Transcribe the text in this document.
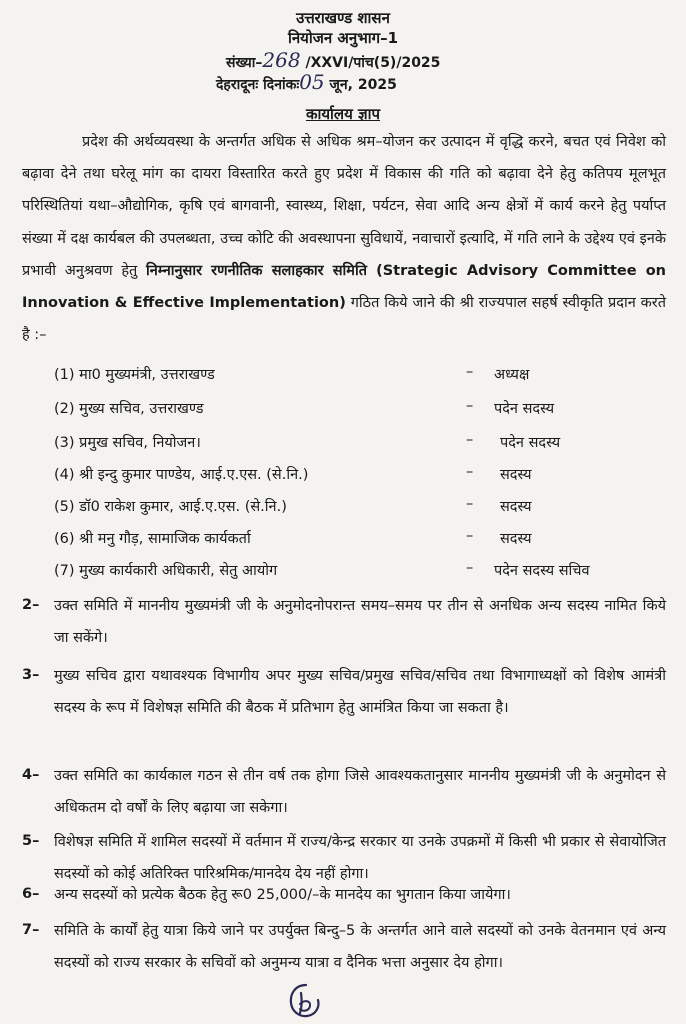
उत्तराखण्ड शासन
नियोजन अनुभाग–1
संख्या–268 /XXVI/पांच(5)/2025
देहरादूनः दिनांकः05 जून, 2025
कार्यालय ज्ञाप

प्रदेश की अर्थव्यवस्था के अन्तर्गत अधिक से अधिक श्रम–योजन कर उत्पादन में वृद्धि करने, बचत एवं निवेश को बढ़ावा देने तथा घरेलू मांग का दायरा विस्तारित करते हुए प्रदेश में विकास की गति को बढ़ावा देने हेतु कतिपय मूलभूत परिस्थितियां यथा–औद्योगिक, कृषि एवं बागवानी, स्वास्थ्य, शिक्षा, पर्यटन, सेवा आदि अन्य क्षेत्रों में कार्य करने हेतु पर्याप्त संख्या में दक्ष कार्यबल की उपलब्धता, उच्च कोटि की अवस्थापना सुविधायें, नवाचारों इत्यादि, में गति लाने के उद्देश्य एवं इनके प्रभावी अनुश्रवण हेतु निम्नानुसार रणनीतिक सलाहकार समिति (Strategic Advisory Committee on Innovation & Effective Implementation) गठित किये जाने की श्री राज्यपाल सहर्ष स्वीकृति प्रदान करते है :–

(1) मा0 मुख्यमंत्री, उत्तराखण्ड	– अध्यक्ष
(2) मुख्य सचिव, उत्तराखण्ड	– पदेन सदस्य
(3) प्रमुख सचिव, नियोजन।	– पदेन सदस्य
(4) श्री इन्दु कुमार पाण्डेय, आई.ए.एस. (से.नि.)	– सदस्य
(5) डॉ0 राकेश कुमार, आई.ए.एस. (से.नि.)	– सदस्य
(6) श्री मनु गौड़, सामाजिक कार्यकर्ता	– सदस्य
(7) मुख्य कार्यकारी अधिकारी, सेतु आयोग	– पदेन सदस्य सचिव
2– उक्त समिति में माननीय मुख्यमंत्री जी के अनुमोदनोपरान्त समय–समय पर तीन से अनधिक अन्य सदस्य नामित किये जा सकेंगे।

3– मुख्य सचिव द्वारा यथावश्यक विभागीय अपर मुख्य सचिव/प्रमुख सचिव/सचिव तथा विभागाध्यक्षों को विशेष आमंत्री सदस्य के रूप में विशेषज्ञ समिति की बैठक में प्रतिभाग हेतु आमंत्रित किया जा सकता है।

4– उक्त समिति का कार्यकाल गठन से तीन वर्ष तक होगा जिसे आवश्यकतानुसार माननीय मुख्यमंत्री जी के अनुमोदन से अधिकतम दो वर्षों के लिए बढ़ाया जा सकेगा।

5– विशेषज्ञ समिति में शामिल सदस्यों में वर्तमान में राज्य/केन्द्र सरकार या उनके उपक्रमों में किसी भी प्रकार से सेवायोजित सदस्यों को कोई अतिरिक्त पारिश्रमिक/मानदेय देय नहीं होगा।

6– अन्य सदस्यों को प्रत्येक बैठक हेतु रू0 25,000/–के मानदेय का भुगतान किया जायेगा।

7– समिति के कार्यों हेतु यात्रा किये जाने पर उपर्युक्त बिन्दु–5 के अन्तर्गत आने वाले सदस्यों को उनके वेतनमान एवं अन्य सदस्यों को राज्य सरकार के सचिवों को अनुमन्य यात्रा व दैनिक भत्ता अनुसार देय होगा।
